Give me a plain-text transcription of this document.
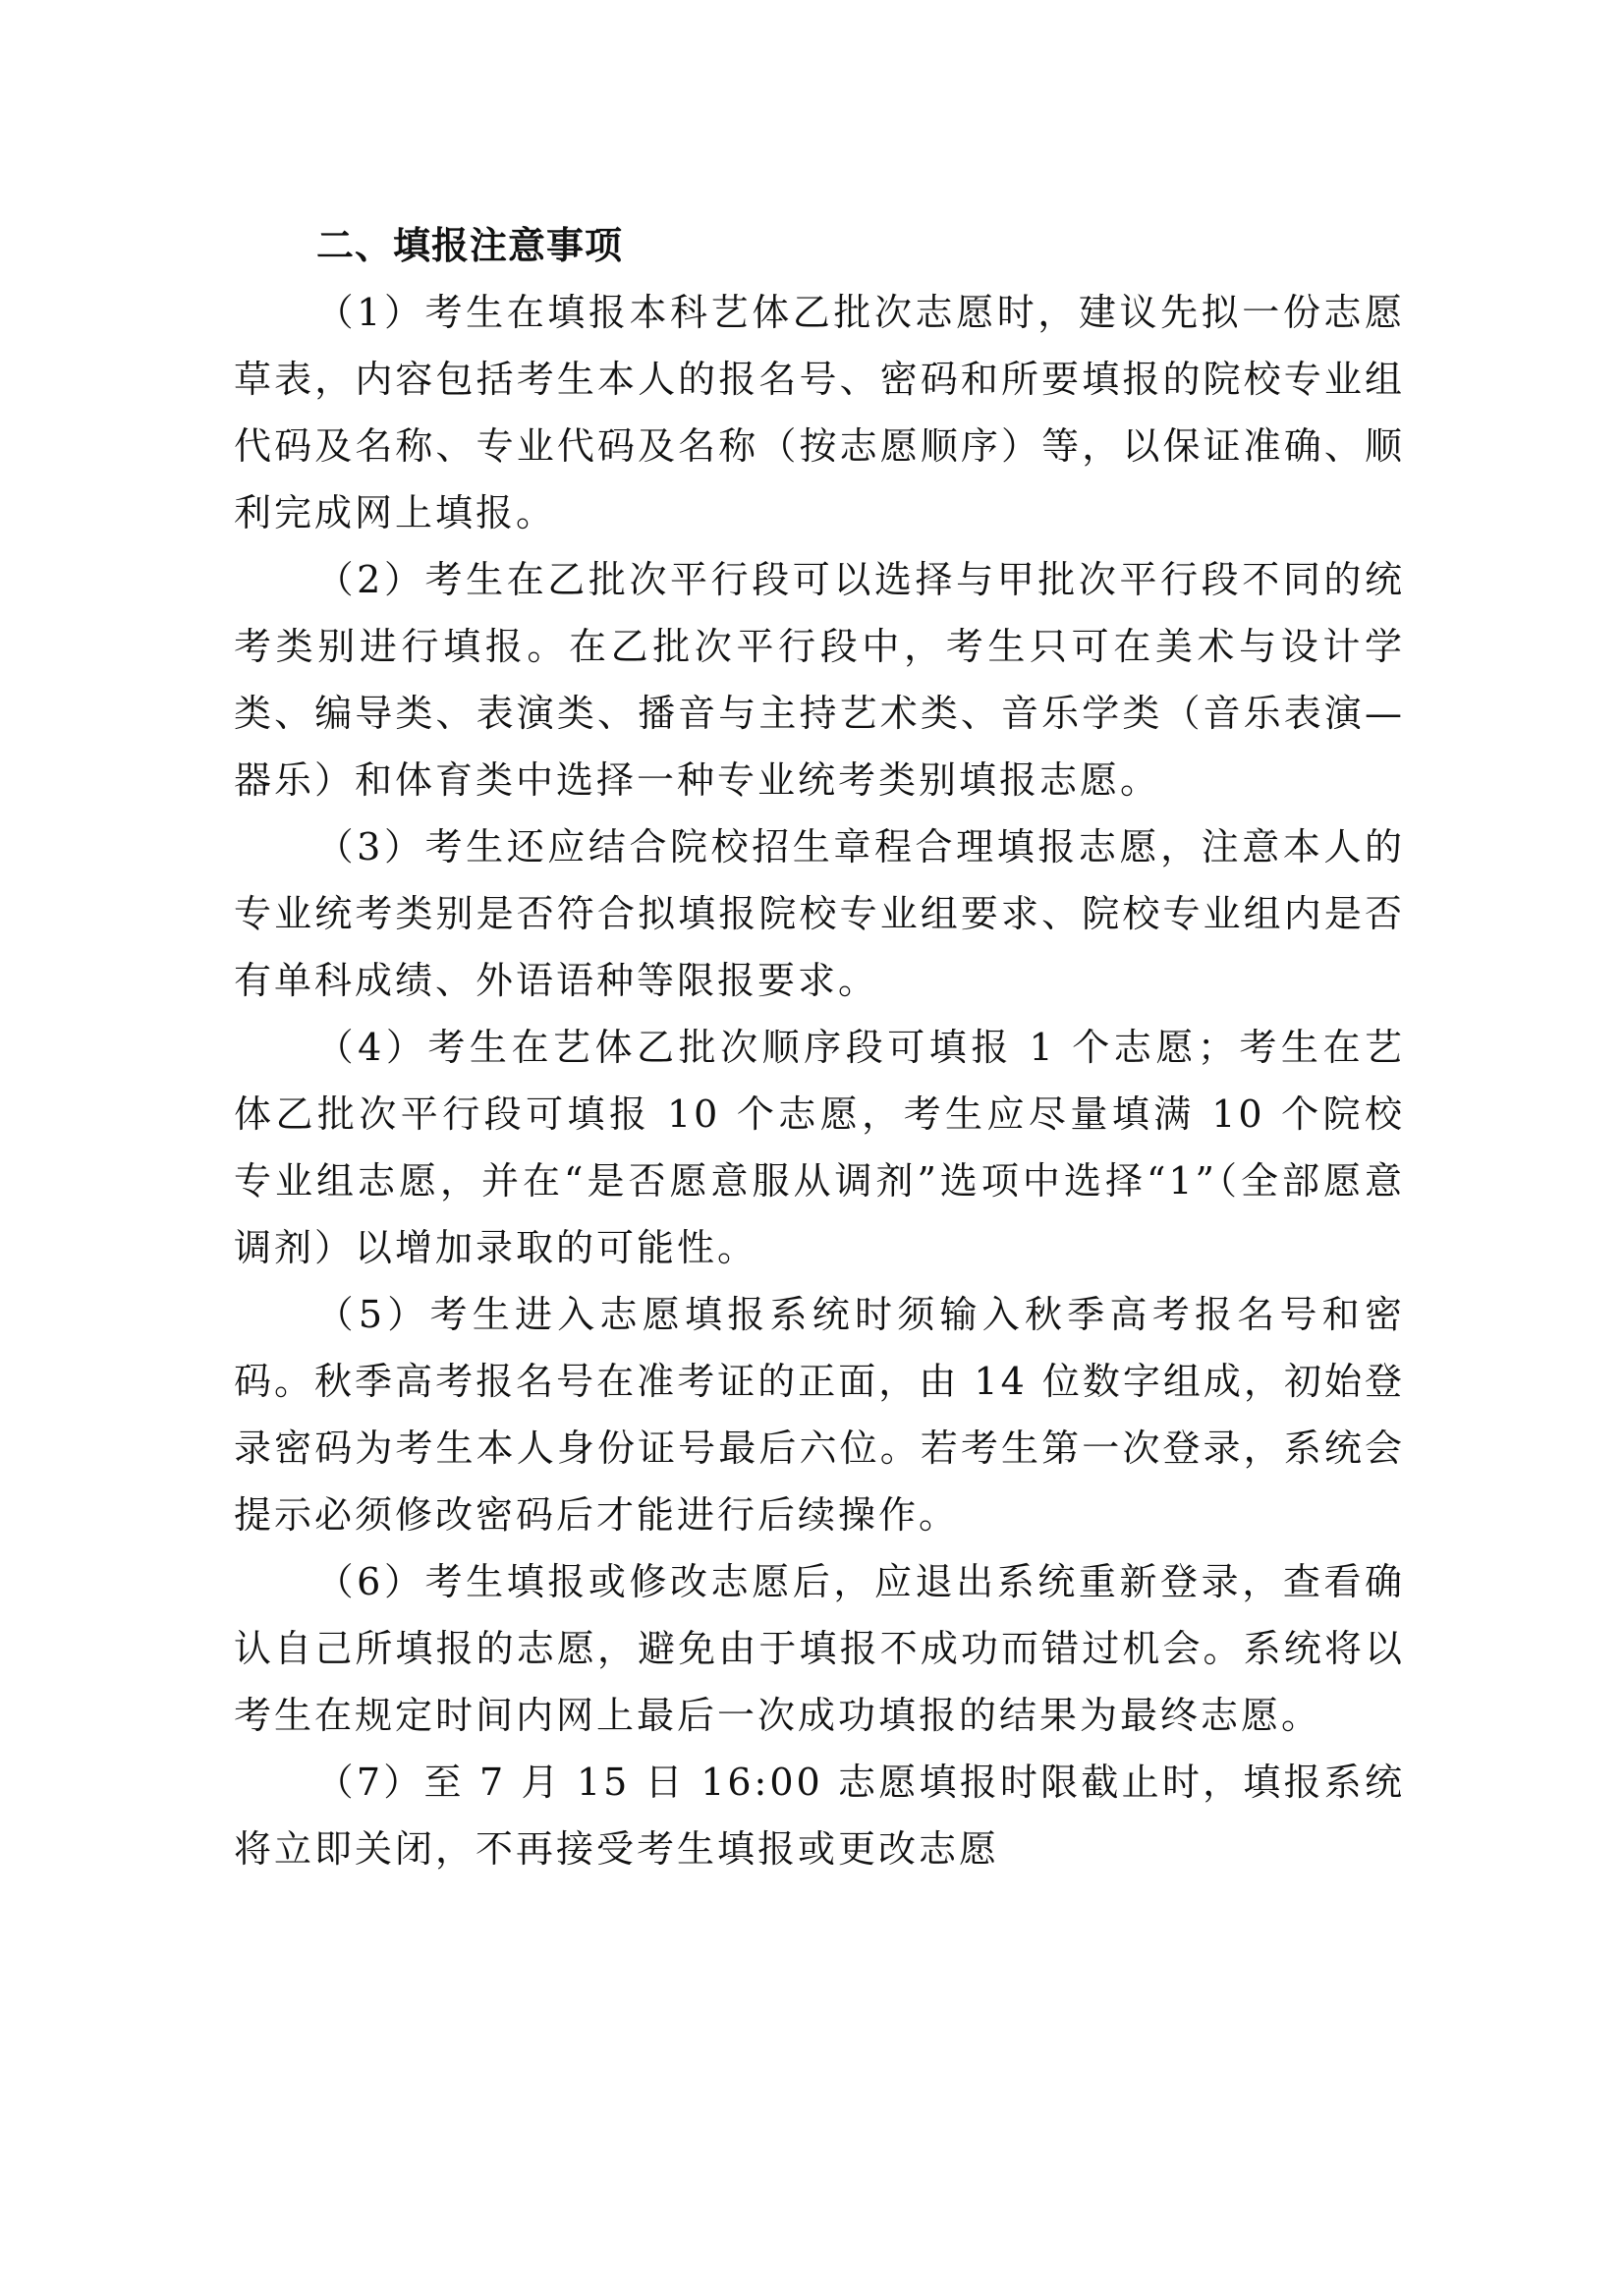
二、填报注意事项

（1）考生在填报本科艺体乙批次志愿时，建议先拟一份志愿草表，内容包括考生本人的报名号、密码和所要填报的院校专业组代码及名称、专业代码及名称（按志愿顺序）等，以保证准确、顺利完成网上填报。

（2）考生在乙批次平行段可以选择与甲批次平行段不同的统考类别进行填报。在乙批次平行段中，考生只可在美术与设计学类、编导类、表演类、播音与主持艺术类、音乐学类（音乐表演— 器乐）和体育类中选择一种专业统考类别填报志愿。

（3）考生还应结合院校招生章程合理填报志愿，注意本人的专业统考类别是否符合拟填报院校专业组要求、院校专业组内是否有单科成绩、外语语种等限报要求。

（4）考生在艺体乙批次顺序段可填报 1 个志愿；考生在艺体乙批次平行段可填报 10 个志愿，考生应尽量填满 10 个院校专业组志愿，并在“是否愿意服从调剂”选项中选择“1”（全部愿意调剂）以增加录取的可能性。

（5）考生进入志愿填报系统时须输入秋季高考报名号和密码。秋季高考报名号在准考证的正面，由 14 位数字组成，初始登录密码为考生本人身份证号最后六位。若考生第一次登录，系统会提示必须修改密码后才能进行后续操作。

（6）考生填报或修改志愿后，应退出系统重新登录，查看确认自己所填报的志愿，避免由于填报不成功而错过机会。系统将以考生在规定时间内网上最后一次成功填报的结果为最终志愿。

（7）至 7 月 15 日 16:00 志愿填报时限截止时，填报系统将立即关闭，不再接受考生填报或更改志愿
